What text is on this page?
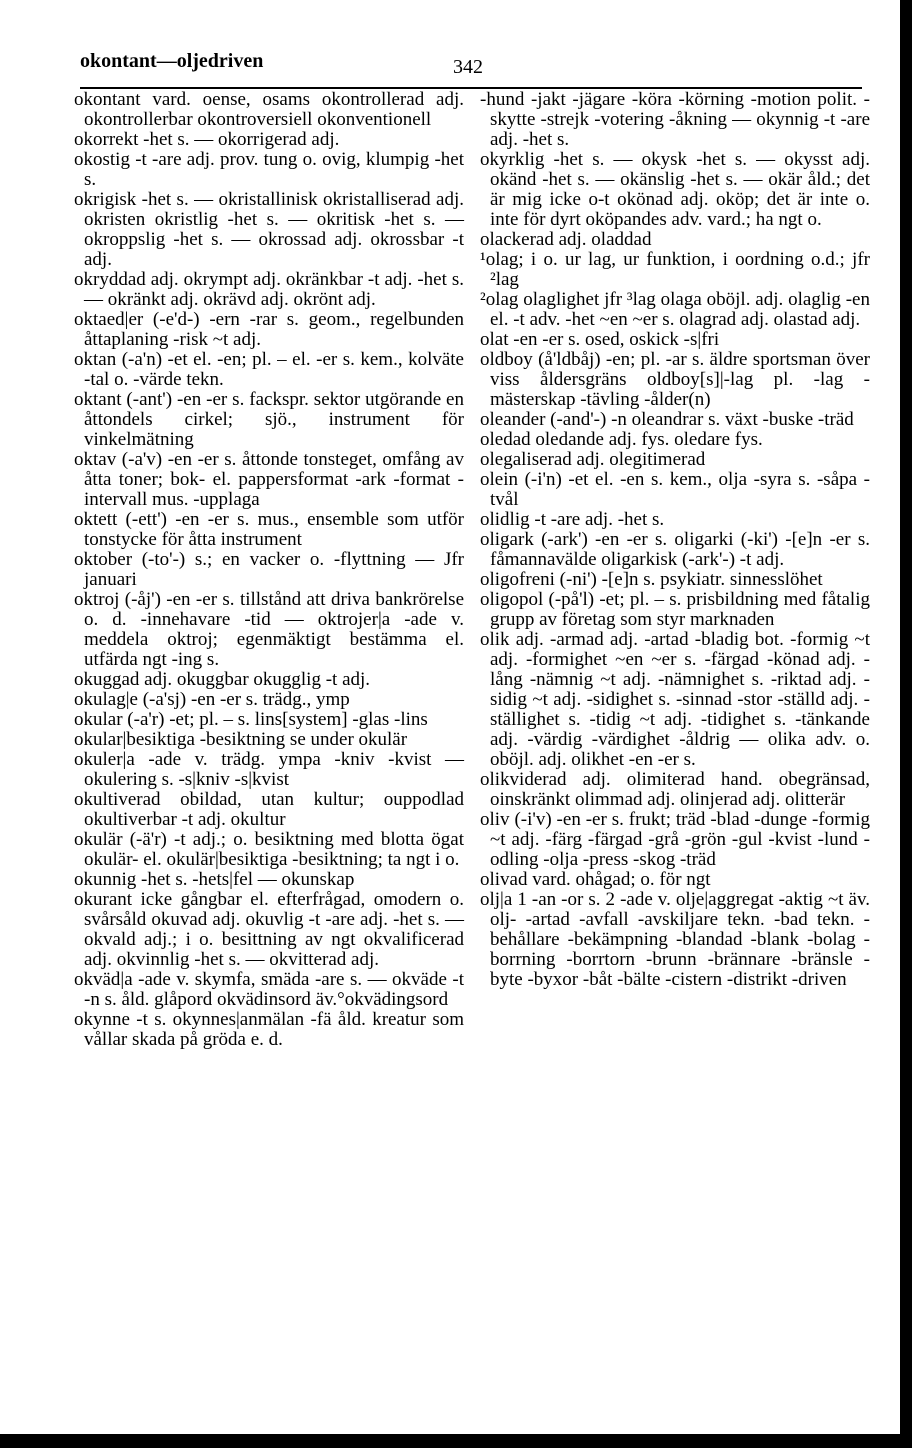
okontant—oljedriven	342

okontant vard. oense, osams okontrollerad adj. okontrollerbar okontroversiell okonventionell

okorrekt -het s. — okorrigerad adj.

okostig -t -are adj. prov. tung o. ovig, klumpig -het s.

okrigisk -het s. — okristallinisk okristalliserad adj. okristen okristlig -het s. — okritisk -het s. — okroppslig -het s. — okrossad adj. okrossbar -t adj.

okryddad adj. okrympt adj. okränkbar -t adj. -het s. — okränkt adj. okrävd adj. okrönt adj.

oktaed|er (-e'd-) -ern -rar s. geom., regelbunden åttaplaning -risk ~t adj.

oktan (-a'n) -et el. -en; pl. – el. -er s. kem., kolväte -tal o. -värde tekn.

oktant (-ant') -en -er s. fackspr. sektor utgörande en åttondels cirkel; sjö., instrument för vinkelmätning

oktav (-a'v) -en -er s. åttonde tonsteget, omfång av åtta toner; bok- el. pappersformat -ark -format -intervall mus. -upplaga

oktett (-ett') -en -er s. mus., ensemble som utför tonstycke för åtta instrument

oktober (-to'-) s.; en vacker o. -flyttning — Jfr januari

oktroj (-åj') -en -er s. tillstånd att driva bankrörelse o. d. -innehavare -tid — oktrojer|a -ade v. meddela oktroj; egenmäktigt bestämma el. utfärda ngt -ing s.

okuggad adj. okuggbar okugglig -t adj.

okulag|e (-a'sj) -en -er s. trädg., ymp

okular (-a'r) -et; pl. – s. lins[system] -glas -lins

okular|besiktiga -besiktning se under okulär

okuler|a -ade v. trädg. ympa -kniv -kvist — okulering s. -s|kniv -s|kvist

okultiverad obildad, utan kultur; ouppodlad okultiverbar -t adj. okultur

okulär (-ä'r) -t adj.; o. besiktning med blotta ögat okulär- el. okulär|besiktiga -besiktning; ta ngt i o.

okunnig -het s. -hets|fel — okunskap

okurant icke gångbar el. efterfrågad, omodern o. svårsåld okuvad adj. okuvlig -t -are adj. -het s. — okvald adj.; i o. besittning av ngt okvalificerad adj. okvinnlig -het s. — okvitterad adj.

okväd|a -ade v. skymfa, smäda -are s. — okväde -t -n s. åld. glåpord okvädinsord äv.°okvädingsord

okynne -t s. okynnes|anmälan -fä åld. kreatur som vållar skada på gröda e. d.

-hund -jakt -jägare -köra -körning -motion polit. -skytte -strejk -votering -åkning — okynnig -t -are adj. -het s.

okyrklig -het s. — okysk -het s. — okysst adj. okänd -het s. — okänslig -het s. — okär åld.; det är mig icke o-t okönad adj. oköp; det är inte o. inte för dyrt oköpandes adv. vard.; ha ngt o.

olackerad adj. oladdad

¹olag; i o. ur lag, ur funktion, i oordning o.d.; jfr ²lag

²olag olaglighet jfr ³lag olaga oböjl. adj. olaglig -en el. -t adv. -het ~en ~er s. olagrad adj. olastad adj.

olat -en -er s. osed, oskick -s|fri

oldboy (å'ldbåj) -en; pl. -ar s. äldre sportsman över viss åldersgräns oldboy[s]|-lag pl. -lag -mästerskap -tävling -ålder(n)

oleander (-and'-) -n oleandrar s. växt -buske -träd

oledad oledande adj. fys. oledare fys.

olegaliserad adj. olegitimerad

olein (-i'n) -et el. -en s. kem., olja -syra s. -såpa -tvål

olidlig -t -are adj. -het s.

oligark (-ark') -en -er s. oligarki (-ki') -[e]n -er s. fåmannavälde oligarkisk (-ark'-) -t adj.

oligofreni (-ni') -[e]n s. psykiatr. sinnesslöhet

oligopol (-på'l) -et; pl. – s. prisbildning med fåtalig grupp av företag som styr marknaden

olik adj. -armad adj. -artad -bladig bot. -formig ~t adj. -formighet ~en ~er s. -färgad -könad adj. -lång -nämnig ~t adj. -nämnighet s. -riktad adj. -sidig ~t adj. -sidighet s. -sinnad -stor -ställd adj. -ställighet s. -tidig ~t adj. -tidighet s. -tänkande adj. -värdig -värdighet -åldrig — olika adv. o. oböjl. adj. olikhet -en -er s.

olikviderad adj. olimiterad hand. obegränsad, oinskränkt olimmad adj. olinjerad adj. olitterär

oliv (-i'v) -en -er s. frukt; träd -blad -dunge -formig ~t adj. -färg -färgad -grå -grön -gul -kvist -lund -odling -olja -press -skog -träd

olivad vard. ohågad; o. för ngt

olj|a 1 -an -or s. 2 -ade v. olje|aggregat -aktig ~t äv. olj- -artad -avfall -avskiljare tekn. -bad tekn. -behållare -bekämpning -blandad -blank -bolag -borrning -borrtorn -brunn -brännare -bränsle -byte -byxor -båt -bälte -cistern -distrikt -driven
